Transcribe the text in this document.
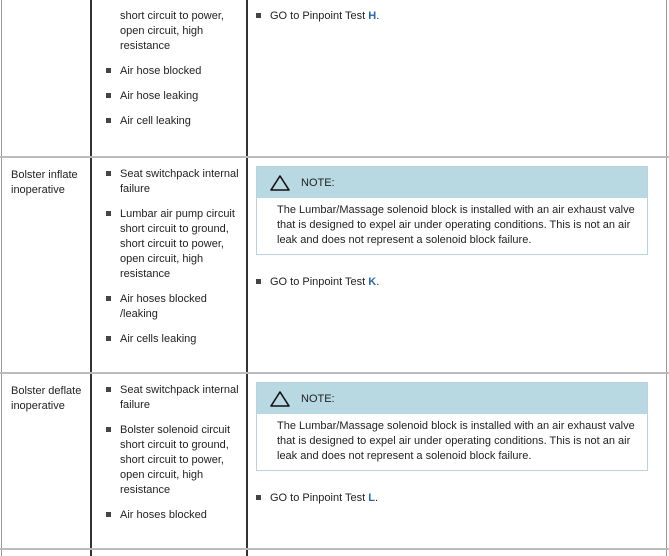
short circuit to power, open circuit, high resistance
Air hose blocked
Air hose leaking
Air cell leaking
GO to Pinpoint Test H.
Bolster inflate inoperative
Seat switchpack internal failure
Lumbar air pump circuit short circuit to ground, short circuit to power, open circuit, high resistance
Air hoses blocked /leaking
Air cells leaking
NOTE:
The Lumbar/Massage solenoid block is installed with an air exhaust valve that is designed to expel air under operating conditions. This is not an air leak and does not represent a solenoid block failure.
GO to Pinpoint Test K.
Bolster deflate inoperative
Seat switchpack internal failure
Bolster solenoid circuit short circuit to ground, short circuit to power, open circuit, high resistance
Air hoses blocked
NOTE:
The Lumbar/Massage solenoid block is installed with an air exhaust valve that is designed to expel air under operating conditions. This is not an air leak and does not represent a solenoid block failure.
GO to Pinpoint Test L.
